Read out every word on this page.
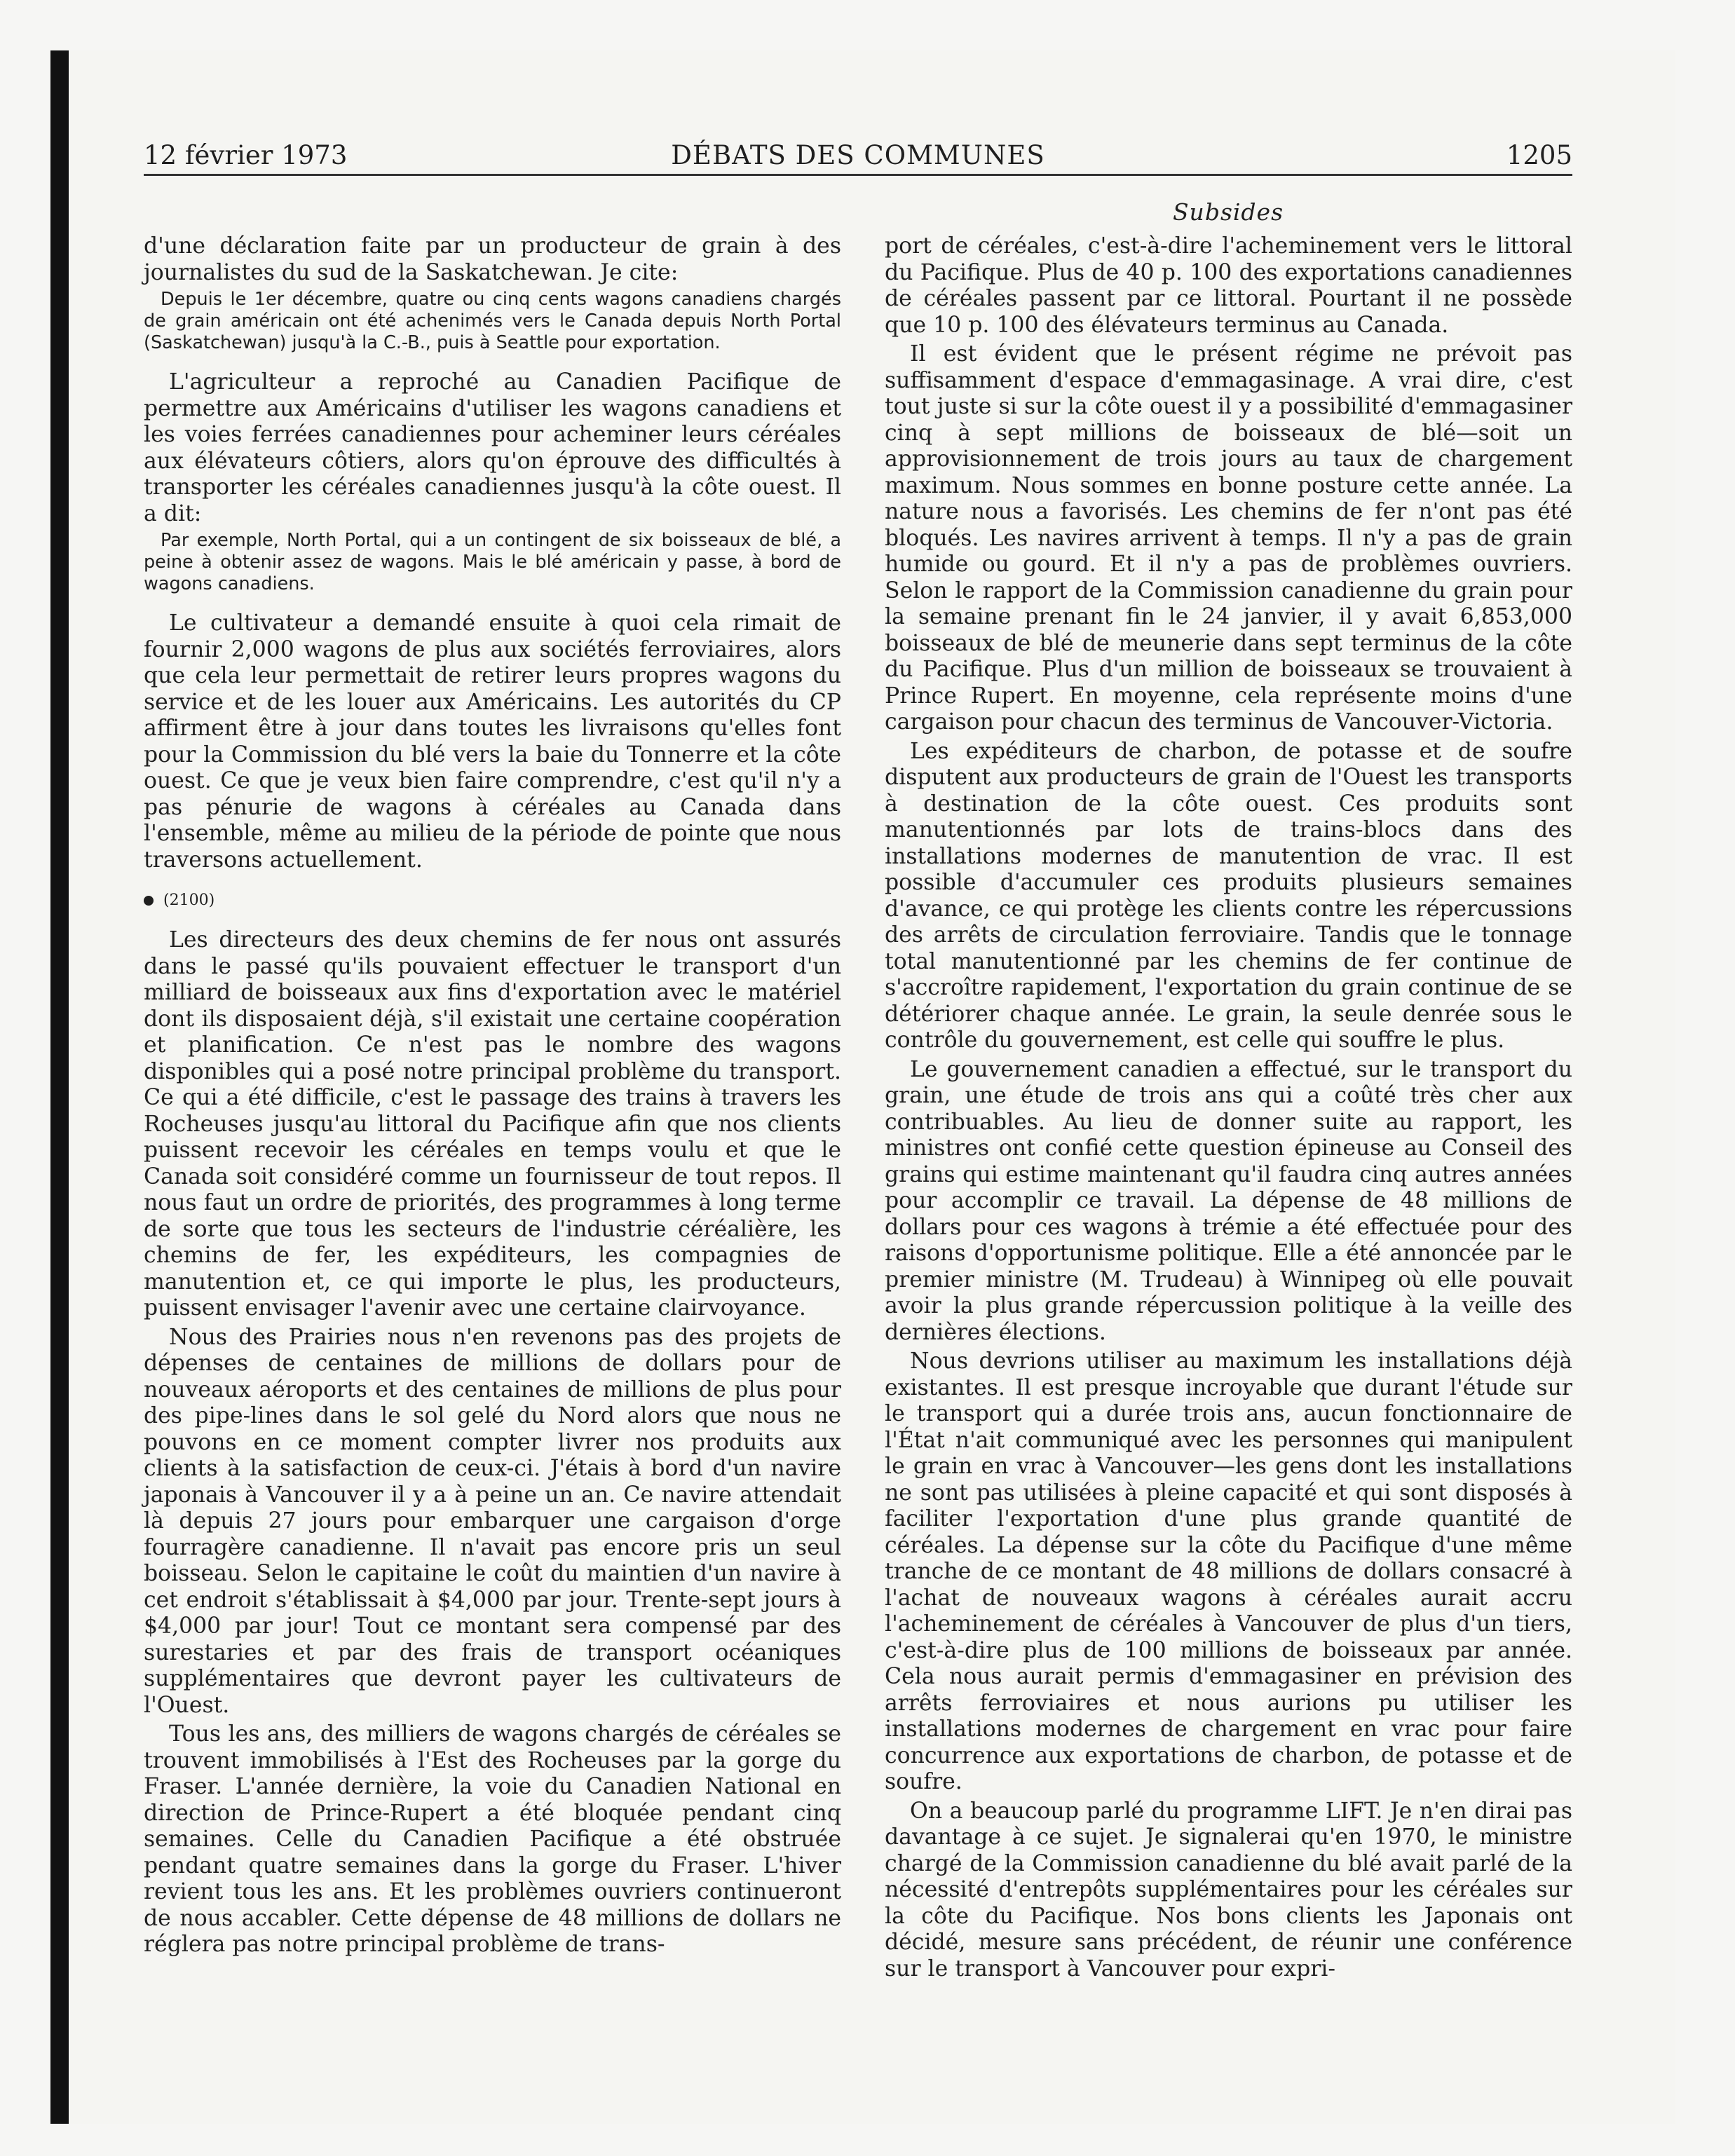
12 février 1973	DÉBATS DES COMMUNES	1205
Subsides

d'une déclaration faite par un producteur de grain à des journalistes du sud de la Saskatchewan. Je cite:

Depuis le 1er décembre, quatre ou cinq cents wagons canadiens chargés de grain américain ont été achenimés vers le Canada depuis North Portal (Saskatchewan) jusqu'à la C.-B., puis à Seattle pour exportation.

L'agriculteur a reproché au Canadien Pacifique de permettre aux Américains d'utiliser les wagons canadiens et les voies ferrées canadiennes pour acheminer leurs céréales aux élévateurs côtiers, alors qu'on éprouve des difficultés à transporter les céréales canadiennes jusqu'à la côte ouest. Il a dit:

Par exemple, North Portal, qui a un contingent de six boisseaux de blé, a peine à obtenir assez de wagons. Mais le blé américain y passe, à bord de wagons canadiens.

Le cultivateur a demandé ensuite à quoi cela rimait de fournir 2,000 wagons de plus aux sociétés ferroviaires, alors que cela leur permettait de retirer leurs propres wagons du service et de les louer aux Américains. Les autorités du CP affirment être à jour dans toutes les livraisons qu'elles font pour la Commission du blé vers la baie du Tonnerre et la côte ouest. Ce que je veux bien faire comprendre, c'est qu'il n'y a pas pénurie de wagons à céréales au Canada dans l'ensemble, même au milieu de la période de pointe que nous traversons actuellement.

(2100)

Les directeurs des deux chemins de fer nous ont assurés dans le passé qu'ils pouvaient effectuer le transport d'un milliard de boisseaux aux fins d'exportation avec le matériel dont ils disposaient déjà, s'il existait une certaine coopération et planification. Ce n'est pas le nombre des wagons disponibles qui a posé notre principal problème du transport. Ce qui a été difficile, c'est le passage des trains à travers les Rocheuses jusqu'au littoral du Pacifique afin que nos clients puissent recevoir les céréales en temps voulu et que le Canada soit considéré comme un fournisseur de tout repos. Il nous faut un ordre de priorités, des programmes à long terme de sorte que tous les secteurs de l'industrie céréalière, les chemins de fer, les expéditeurs, les compagnies de manutention et, ce qui importe le plus, les producteurs, puissent envisager l'avenir avec une certaine clairvoyance.

Nous des Prairies nous n'en revenons pas des projets de dépenses de centaines de millions de dollars pour de nouveaux aéroports et des centaines de millions de plus pour des pipe-lines dans le sol gelé du Nord alors que nous ne pouvons en ce moment compter livrer nos produits aux clients à la satisfaction de ceux-ci. J'étais à bord d'un navire japonais à Vancouver il y a à peine un an. Ce navire attendait là depuis 27 jours pour embarquer une cargaison d'orge fourragère canadienne. Il n'avait pas encore pris un seul boisseau. Selon le capitaine le coût du maintien d'un navire à cet endroit s'établissait à $4,000 par jour. Trente-sept jours à $4,000 par jour! Tout ce montant sera compensé par des surestaries et par des frais de transport océaniques supplémentaires que devront payer les cultivateurs de l'Ouest.

Tous les ans, des milliers de wagons chargés de céréales se trouvent immobilisés à l'Est des Rocheuses par la gorge du Fraser. L'année dernière, la voie du Canadien National en direction de Prince-Rupert a été bloquée pendant cinq semaines. Celle du Canadien Pacifique a été obstruée pendant quatre semaines dans la gorge du Fraser. L'hiver revient tous les ans. Et les problèmes ouvriers continueront de nous accabler. Cette dépense de 48 millions de dollars ne réglera pas notre principal problème de trans-

port de céréales, c'est-à-dire l'acheminement vers le littoral du Pacifique. Plus de 40 p. 100 des exportations canadiennes de céréales passent par ce littoral. Pourtant il ne possède que 10 p. 100 des élévateurs terminus au Canada.

Il est évident que le présent régime ne prévoit pas suffisamment d'espace d'emmagasinage. A vrai dire, c'est tout juste si sur la côte ouest il y a possibilité d'emmagasiner cinq à sept millions de boisseaux de blé—soit un approvisionnement de trois jours au taux de chargement maximum. Nous sommes en bonne posture cette année. La nature nous a favorisés. Les chemins de fer n'ont pas été bloqués. Les navires arrivent à temps. Il n'y a pas de grain humide ou gourd. Et il n'y a pas de problèmes ouvriers. Selon le rapport de la Commission canadienne du grain pour la semaine prenant fin le 24 janvier, il y avait 6,853,000 boisseaux de blé de meunerie dans sept terminus de la côte du Pacifique. Plus d'un million de boisseaux se trouvaient à Prince Rupert. En moyenne, cela représente moins d'une cargaison pour chacun des terminus de Vancouver-Victoria.

Les expéditeurs de charbon, de potasse et de soufre disputent aux producteurs de grain de l'Ouest les transports à destination de la côte ouest. Ces produits sont manutentionnés par lots de trains-blocs dans des installations modernes de manutention de vrac. Il est possible d'accumuler ces produits plusieurs semaines d'avance, ce qui protège les clients contre les répercussions des arrêts de circulation ferroviaire. Tandis que le tonnage total manutentionné par les chemins de fer continue de s'accroître rapidement, l'exportation du grain continue de se détériorer chaque année. Le grain, la seule denrée sous le contrôle du gouvernement, est celle qui souffre le plus.

Le gouvernement canadien a effectué, sur le transport du grain, une étude de trois ans qui a coûté très cher aux contribuables. Au lieu de donner suite au rapport, les ministres ont confié cette question épineuse au Conseil des grains qui estime maintenant qu'il faudra cinq autres années pour accomplir ce travail. La dépense de 48 millions de dollars pour ces wagons à trémie a été effectuée pour des raisons d'opportunisme politique. Elle a été annoncée par le premier ministre (M. Trudeau) à Winnipeg où elle pouvait avoir la plus grande répercussion politique à la veille des dernières élections.

Nous devrions utiliser au maximum les installations déjà existantes. Il est presque incroyable que durant l'étude sur le transport qui a durée trois ans, aucun fonctionnaire de l'État n'ait communiqué avec les personnes qui manipulent le grain en vrac à Vancouver—les gens dont les installations ne sont pas utilisées à pleine capacité et qui sont disposés à faciliter l'exportation d'une plus grande quantité de céréales. La dépense sur la côte du Pacifique d'une même tranche de ce montant de 48 millions de dollars consacré à l'achat de nouveaux wagons à céréales aurait accru l'acheminement de céréales à Vancouver de plus d'un tiers, c'est-à-dire plus de 100 millions de boisseaux par année. Cela nous aurait permis d'emmagasiner en prévision des arrêts ferroviaires et nous aurions pu utiliser les installations modernes de chargement en vrac pour faire concurrence aux exportations de charbon, de potasse et de soufre.

On a beaucoup parlé du programme LIFT. Je n'en dirai pas davantage à ce sujet. Je signalerai qu'en 1970, le ministre chargé de la Commission canadienne du blé avait parlé de la nécessité d'entrepôts supplémentaires pour les céréales sur la côte du Pacifique. Nos bons clients les Japonais ont décidé, mesure sans précédent, de réunir une conférence sur le transport à Vancouver pour expri-
